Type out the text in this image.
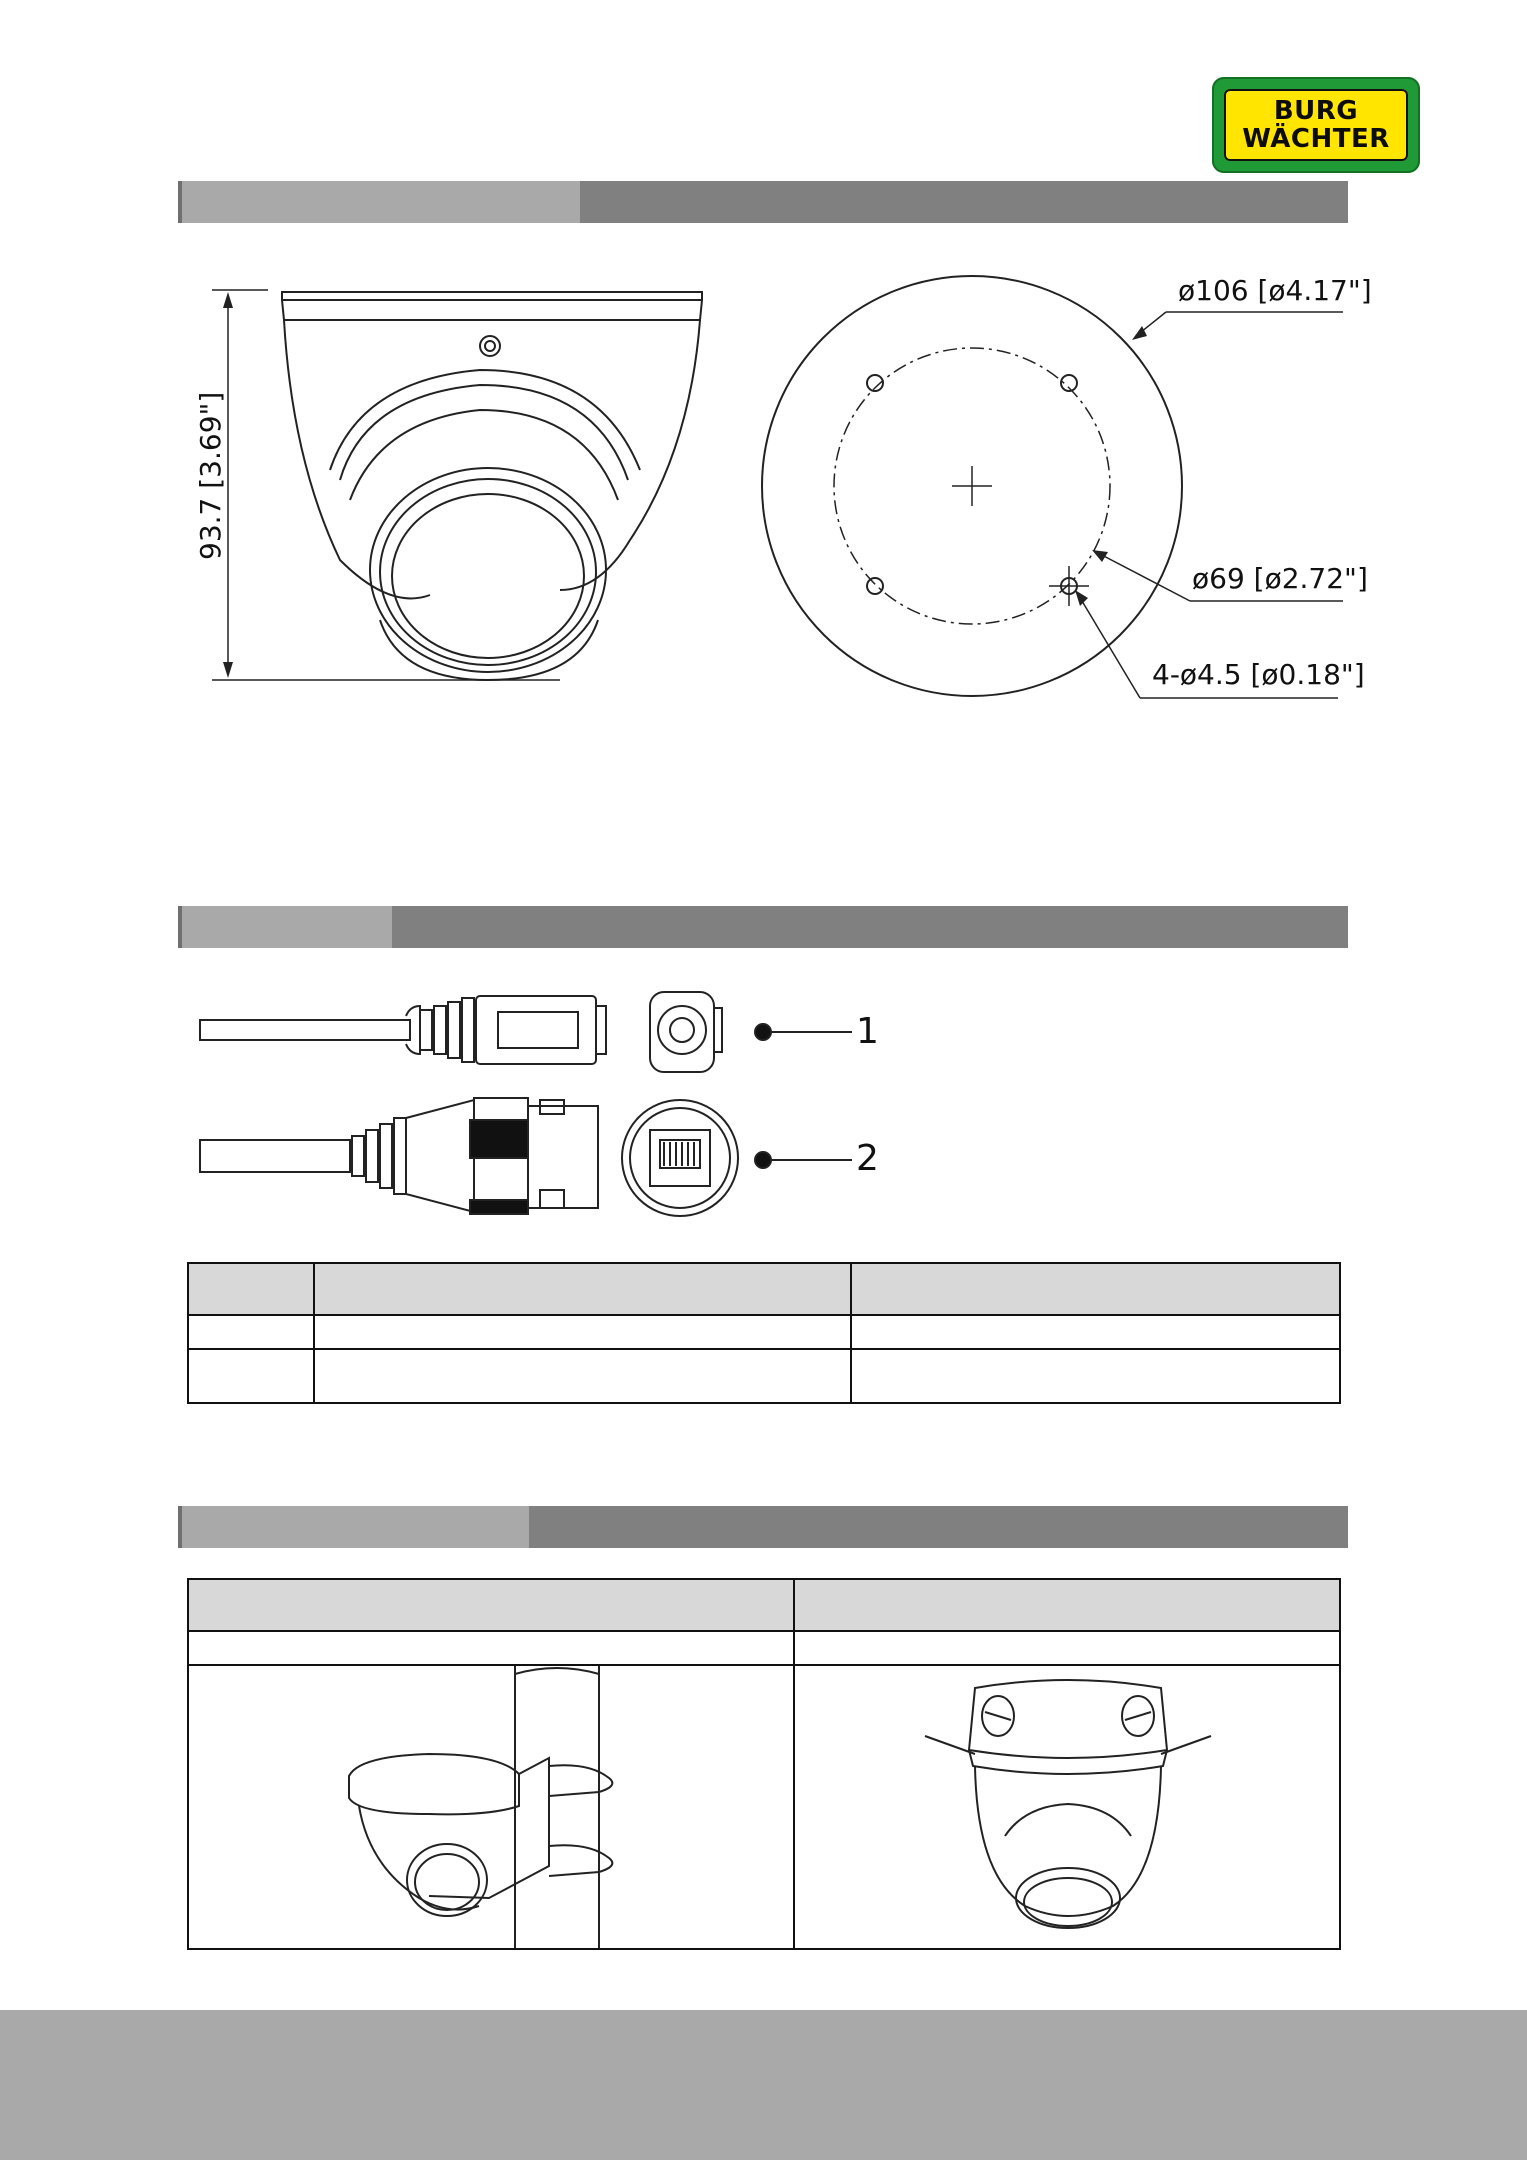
BURG
WÄCHTER
93.7 [3.69"]
ø106 [ø4.17"]
ø69 [ø2.72"]
4-ø4.5 [ø0.18"]
1
2
